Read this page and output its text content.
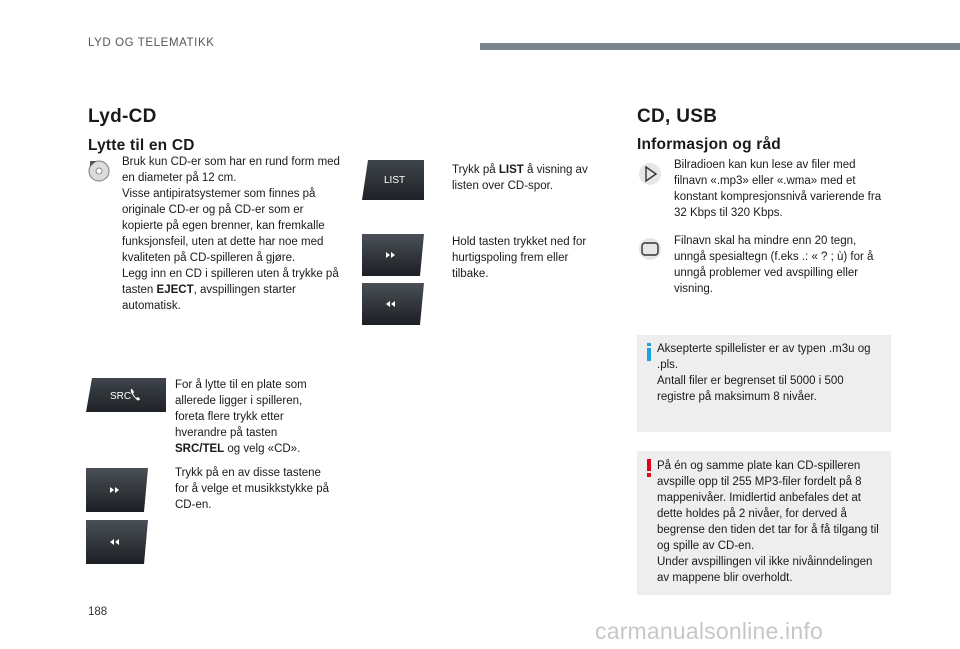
LYD OG TELEMATIKK
Lyd-CD
Lytte til en CD

Bruk kun CD-er som har en rund form med en diameter på 12 cm.

Visse antipiratsystemer som finnes på originale CD-er og på CD-er som er kopierte på egen brenner, kan fremkalle funksjonsfeil, uten at dette har noe med kvaliteten på CD-spilleren å gjøre.

Legg inn en CD i spilleren uten å trykke på tasten EJECT, avspillingen starter automatisk.

SRC
For å lytte til en plate som allerede ligger i spilleren, foreta flere trykk etter hverandre på tasten SRC/TEL og velg «CD».
Trykk på en av disse tastene for å velge et musikkstykke på CD-en.
LIST
Trykk på LIST å visning av listen over CD-spor.
Hold tasten trykket ned for hurtigspoling frem eller tilbake.
CD, USB
Informasjon og råd
Bilradioen kan kun lese av filer med filnavn «.mp3» eller «.wma» med et konstant kompresjonsnivå varierende fra 32 Kbps til 320 Kbps.
Filnavn skal ha mindre enn 20 tegn, unngå spesialtegn (f.eks .: « ? ; ù) for å unngå problemer ved avspilling eller visning.

Aksepterte spillelister er av typen .m3u og .pls.

Antall filer er begrenset til 5000 i 500 registre på maksimum 8 nivåer.

På én og samme plate kan CD-spilleren avspille opp til 255 MP3-filer fordelt på 8 mappenivåer. Imidlertid anbefales det at dette holdes på 2 nivåer, for derved å begrense den tiden det tar for å få tilgang til og spille av CD-en.

Under avspillingen vil ikke nivåinndelingen av mappene blir overholdt.

188
carmanualsonline.info
